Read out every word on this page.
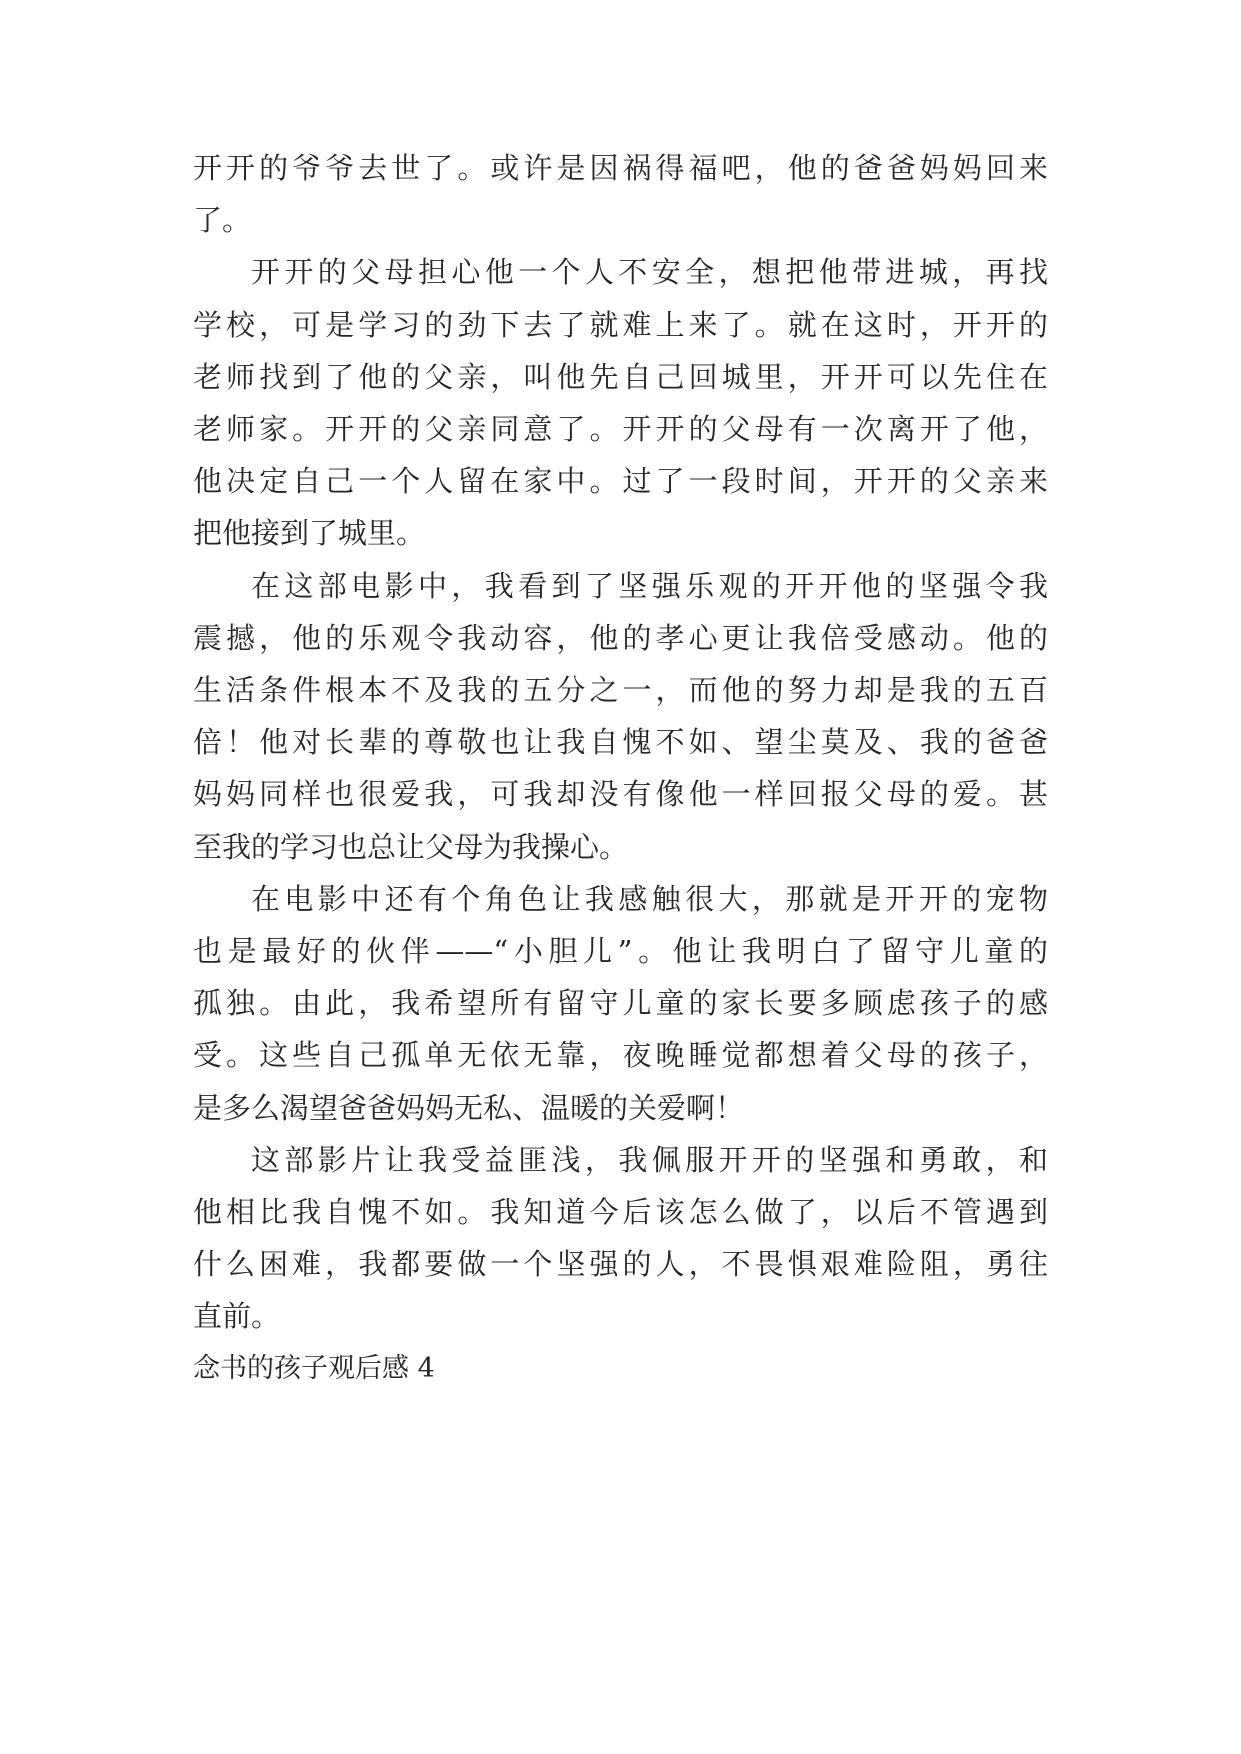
开开的爷爷去世了。或许是因祸得福吧，他的爸爸妈妈回来
了。
开开的父母担心他一个人不安全，想把他带进城，再找
学校，可是学习的劲下去了就难上来了。就在这时，开开的
老师找到了他的父亲，叫他先自己回城里，开开可以先住在
老师家。开开的父亲同意了。开开的父母有一次离开了他，
他决定自己一个人留在家中。过了一段时间，开开的父亲来
把他接到了城里。
在这部电影中，我看到了坚强乐观的开开他的坚强令我
震撼，他的乐观令我动容，他的孝心更让我倍受感动。他的
生活条件根本不及我的五分之一，而他的努力却是我的五百
倍！他对长辈的尊敬也让我自愧不如、望尘莫及、我的爸爸
妈妈同样也很爱我，可我却没有像他一样回报父母的爱。甚
至我的学习也总让父母为我操心。
在电影中还有个角色让我感触很大，那就是开开的宠物
也是最好的伙伴——“小胆儿”。他让我明白了留守儿童的
孤独。由此，我希望所有留守儿童的家长要多顾虑孩子的感
受。这些自己孤单无依无靠，夜晚睡觉都想着父母的孩子，
是多么渴望爸爸妈妈无私、温暖的关爱啊！
这部影片让我受益匪浅，我佩服开开的坚强和勇敢，和
他相比我自愧不如。我知道今后该怎么做了，以后不管遇到
什么困难，我都要做一个坚强的人，不畏惧艰难险阻，勇往
直前。
念书的孩子观后感 4
